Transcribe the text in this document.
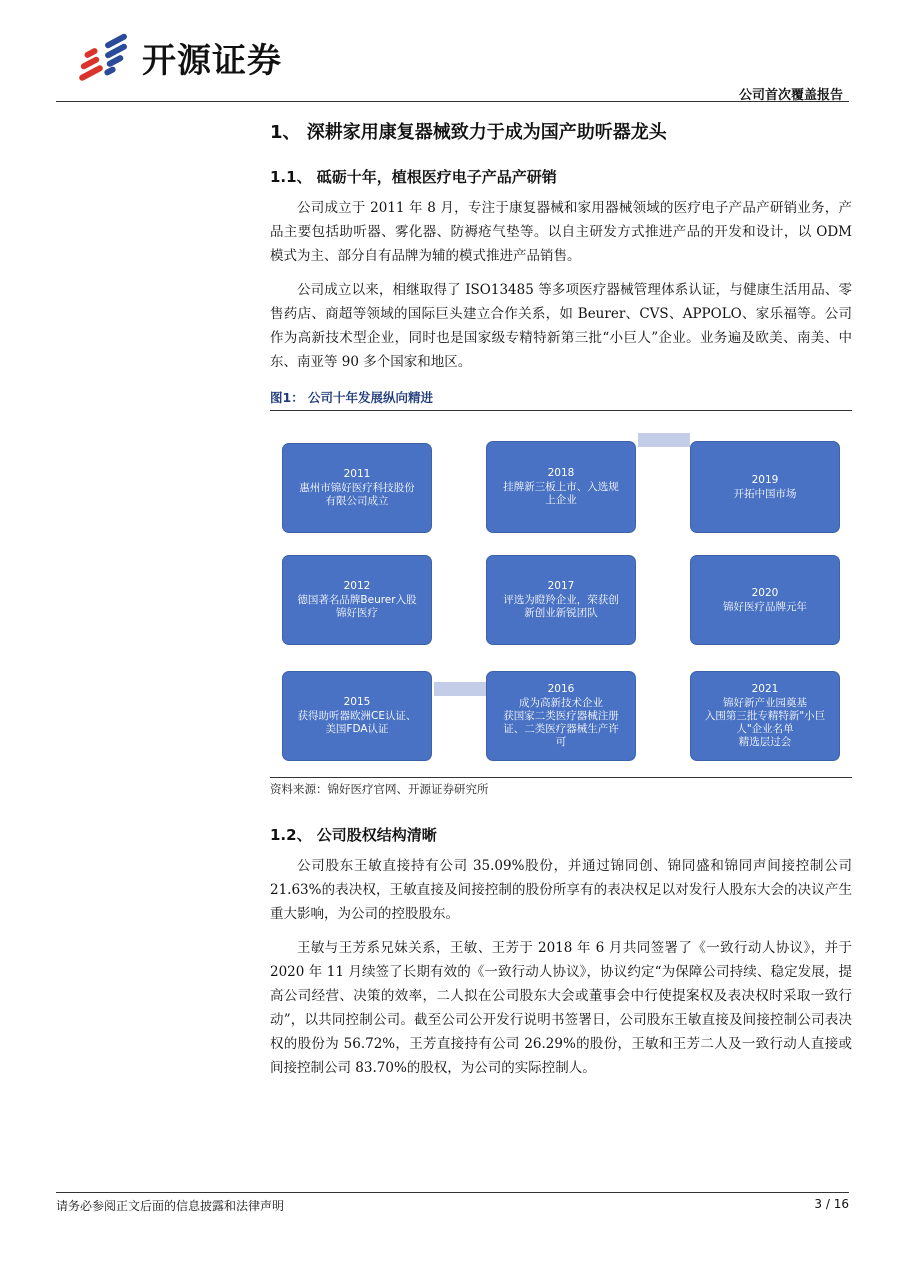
开源证券
公司首次覆盖报告
1、 深耕家用康复器械致力于成为国产助听器龙头
1.1、 砥砺十年，植根医疗电子产品产研销

公司成立于 2011 年 8 月，专注于康复器械和家用器械领域的医疗电子产品产研销业务，产品主要包括助听器、雾化器、防褥疮气垫等。以自主研发方式推进产品的开发和设计，以 ODM 模式为主、部分自有品牌为辅的模式推进产品销售。

公司成立以来，相继取得了 ISO13485 等多项医疗器械管理体系认证，与健康生活用品、零售药店、商超等领域的国际巨头建立合作关系，如 Beurer、CVS、APPOLO、家乐福等。公司作为高新技术型企业，同时也是国家级专精特新第三批“小巨人”企业。业务遍及欧美、南美、中东、南亚等 90 多个国家和地区。

图1： 公司十年发展纵向精进
2011
惠州市锦好医疗科技股份
有限公司成立
2012
德国著名品牌Beurer入股
锦好医疗
2015
获得助听器欧洲CE认证、
美国FDA认证
2018
挂牌新三板上市、入选规
上企业
2017
评选为瞪羚企业，荣获创
新创业新锐团队
2016
成为高新技术企业
获国家二类医疗器械注册
证、二类医疗器械生产许
可
2019
开拓中国市场
2020
锦好医疗品牌元年
2021
锦好新产业园奠基
入围第三批专精特新"小巨
人"企业名单
精选层过会
资料来源：锦好医疗官网、开源证券研究所
1.2、 公司股权结构清晰

公司股东王敏直接持有公司 35.09%股份，并通过锦同创、锦同盛和锦同声间接控制公司 21.63%的表决权，王敏直接及间接控制的股份所享有的表决权足以对发行人股东大会的决议产生重大影响，为公司的控股股东。

王敏与王芳系兄妹关系，王敏、王芳于 2018 年 6 月共同签署了《一致行动人协议》，并于 2020 年 11 月续签了长期有效的《一致行动人协议》，协议约定“为保障公司持续、稳定发展，提高公司经营、决策的效率，二人拟在公司股东大会或董事会中行使提案权及表决权时采取一致行动”，以共同控制公司。截至公司公开发行说明书签署日，公司股东王敏直接及间接控制公司表决权的股份为 56.72%，王芳直接持有公司 26.29%的股份，王敏和王芳二人及一致行动人直接或间接控制公司 83.70%的股权，为公司的实际控制人。

请务必参阅正文后面的信息披露和法律声明	3 / 16
